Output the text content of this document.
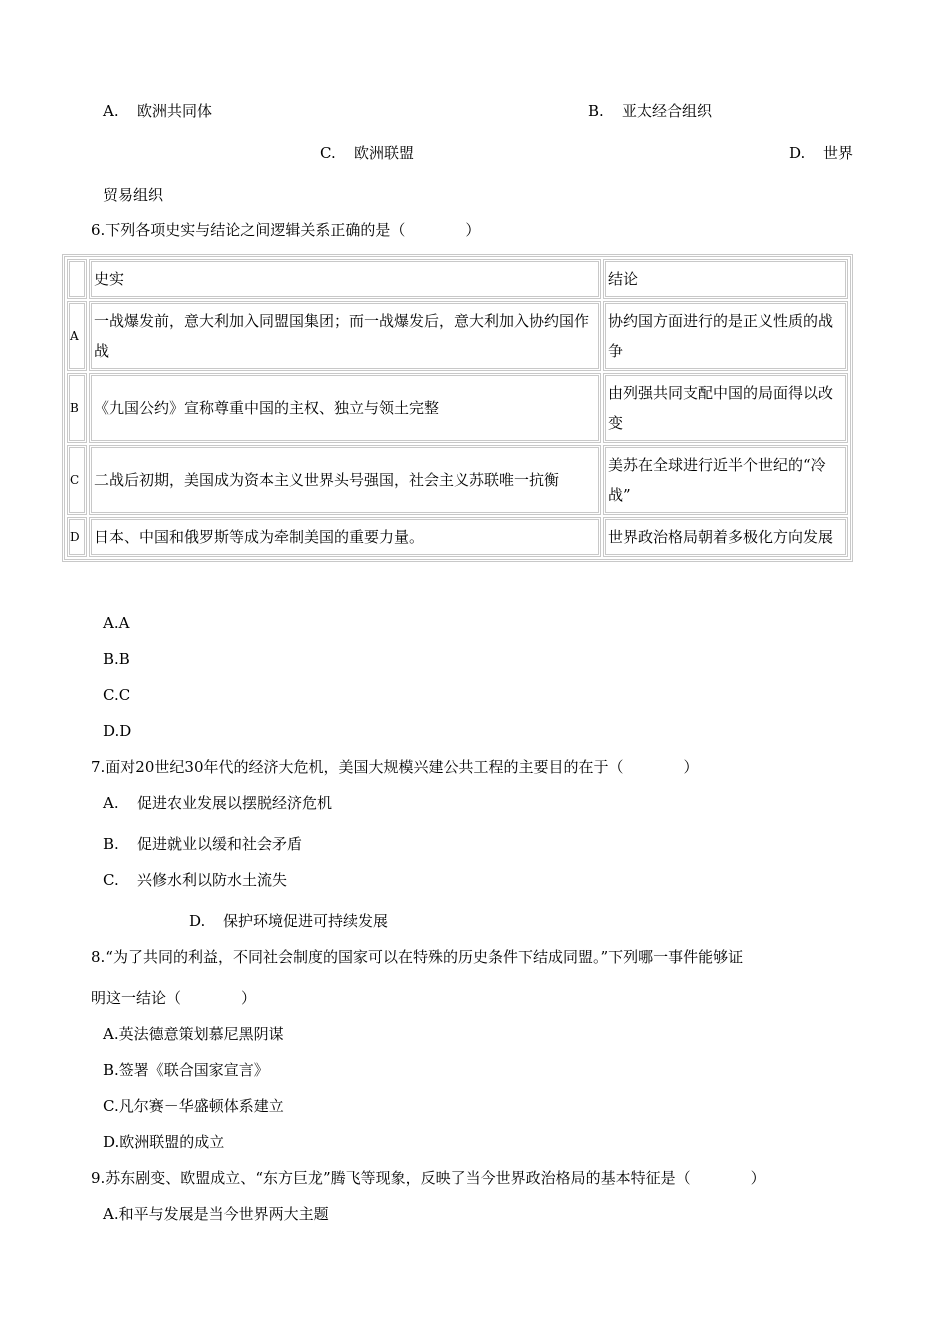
A. 欧洲共同体	B. 亚太经合组织
C. 欧洲联盟	D. 世界
贸易组织
6.下列各项史实与结论之间逻辑关系正确的是（　　　　）
	史实	结论
A	一战爆发前，意大利加入同盟国集团；而一战爆发后，意大利加入协约国作战	协约国方面进行的是正义性质的战争
B	《九国公约》宣称尊重中国的主权、独立与领土完整	由列强共同支配中国的局面得以改变
C	二战后初期，美国成为资本主义世界头号强国，社会主义苏联唯一抗衡	美苏在全球进行近半个世纪的“冷战”
D	日本、中国和俄罗斯等成为牵制美国的重要力量。	世界政治格局朝着多极化方向发展
A.A
B.B
C.C
D.D
7.面对20世纪30年代的经济大危机，美国大规模兴建公共工程的主要目的在于（　　　　）
A. 促进农业发展以摆脱经济危机
B. 促进就业以缓和社会矛盾
C. 兴修水利以防水土流失
D. 保护环境促进可持续发展
8.“为了共同的利益，不同社会制度的国家可以在特殊的历史条件下结成同盟。”下列哪一事件能够证
明这一结论（　　　　）
A.英法德意策划慕尼黑阴谋
B.签署《联合国家宣言》
C.凡尔赛－华盛顿体系建立
D.欧洲联盟的成立
9.苏东剧变、欧盟成立、“东方巨龙”腾飞等现象，反映了当今世界政治格局的基本特征是（　　　　）
A.和平与发展是当今世界两大主题
